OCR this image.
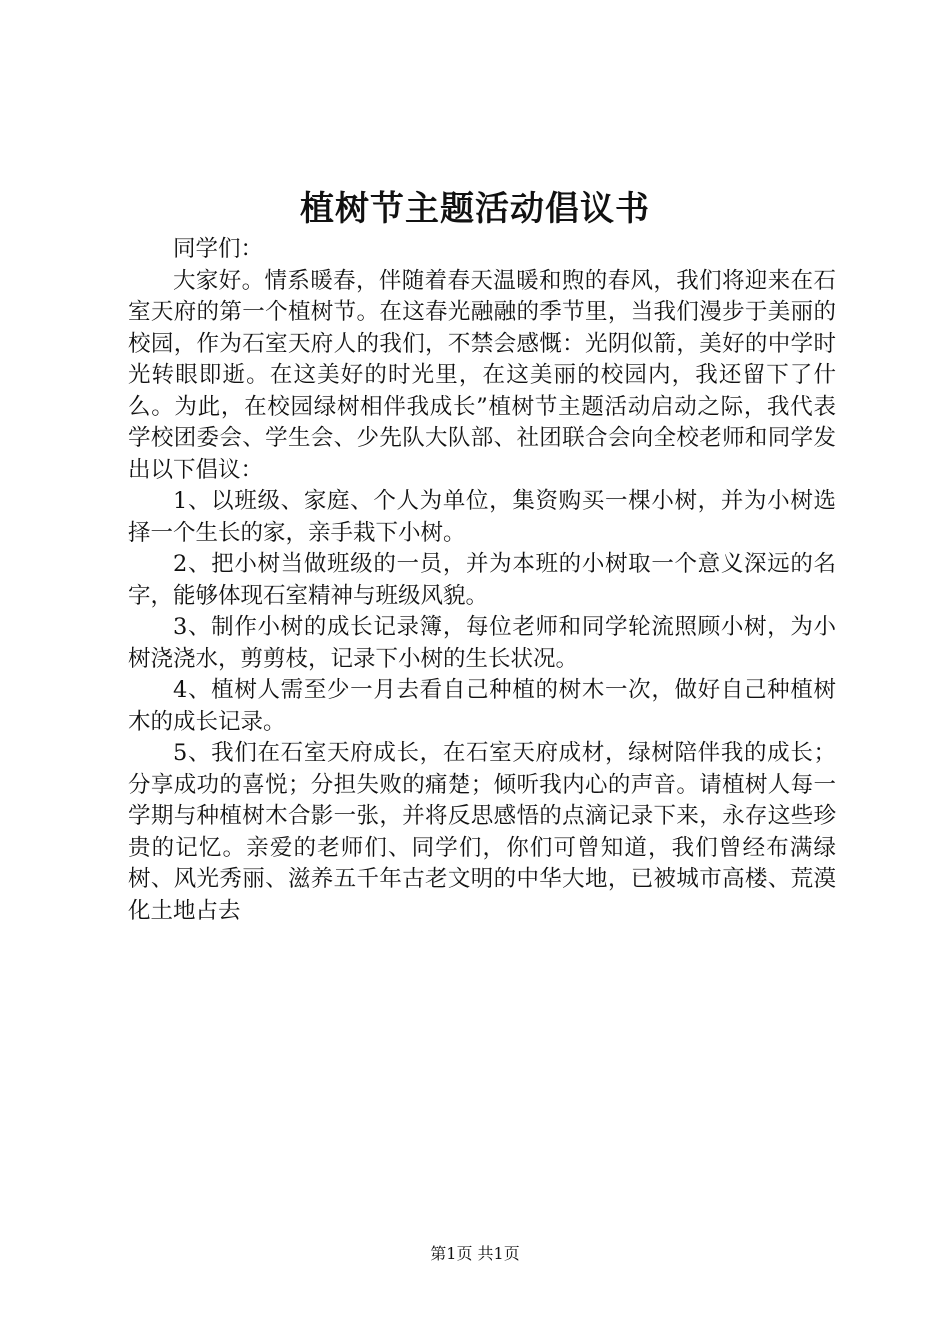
植树节主题活动倡议书

同学们：

大家好。情系暖春，伴随着春天温暖和煦的春风，我们将迎来在石室天府的第一个植树节。在这春光融融的季节里，当我们漫步于美丽的校园，作为石室天府人的我们，不禁会感慨：光阴似箭，美好的中学时光转眼即逝。在这美好的时光里，在这美丽的校园内，我还留下了什么。为此，在校园绿树相伴我成长”植树节主题活动启动之际，我代表学校团委会、学生会、少先队大队部、社团联合会向全校老师和同学发出以下倡议：

1、以班级、家庭、个人为单位，集资购买一棵小树，并为小树选择一个生长的家，亲手栽下小树。

2、把小树当做班级的一员，并为本班的小树取一个意义深远的名字，能够体现石室精神与班级风貌。

3、制作小树的成长记录簿，每位老师和同学轮流照顾小树，为小树浇浇水，剪剪枝，记录下小树的生长状况。

4、植树人需至少一月去看自己种植的树木一次，做好自己种植树木的成长记录。

5、我们在石室天府成长，在石室天府成材，绿树陪伴我的成长；分享成功的喜悦；分担失败的痛楚；倾听我内心的声音。请植树人每一学期与种植树木合影一张，并将反思感悟的点滴记录下来，永存这些珍贵的记忆。亲爱的老师们、同学们，你们可曾知道，我们曾经布满绿树、风光秀丽、滋养五千年古老文明的中华大地，已被城市高楼、荒漠化土地占去

第1页 共1页
